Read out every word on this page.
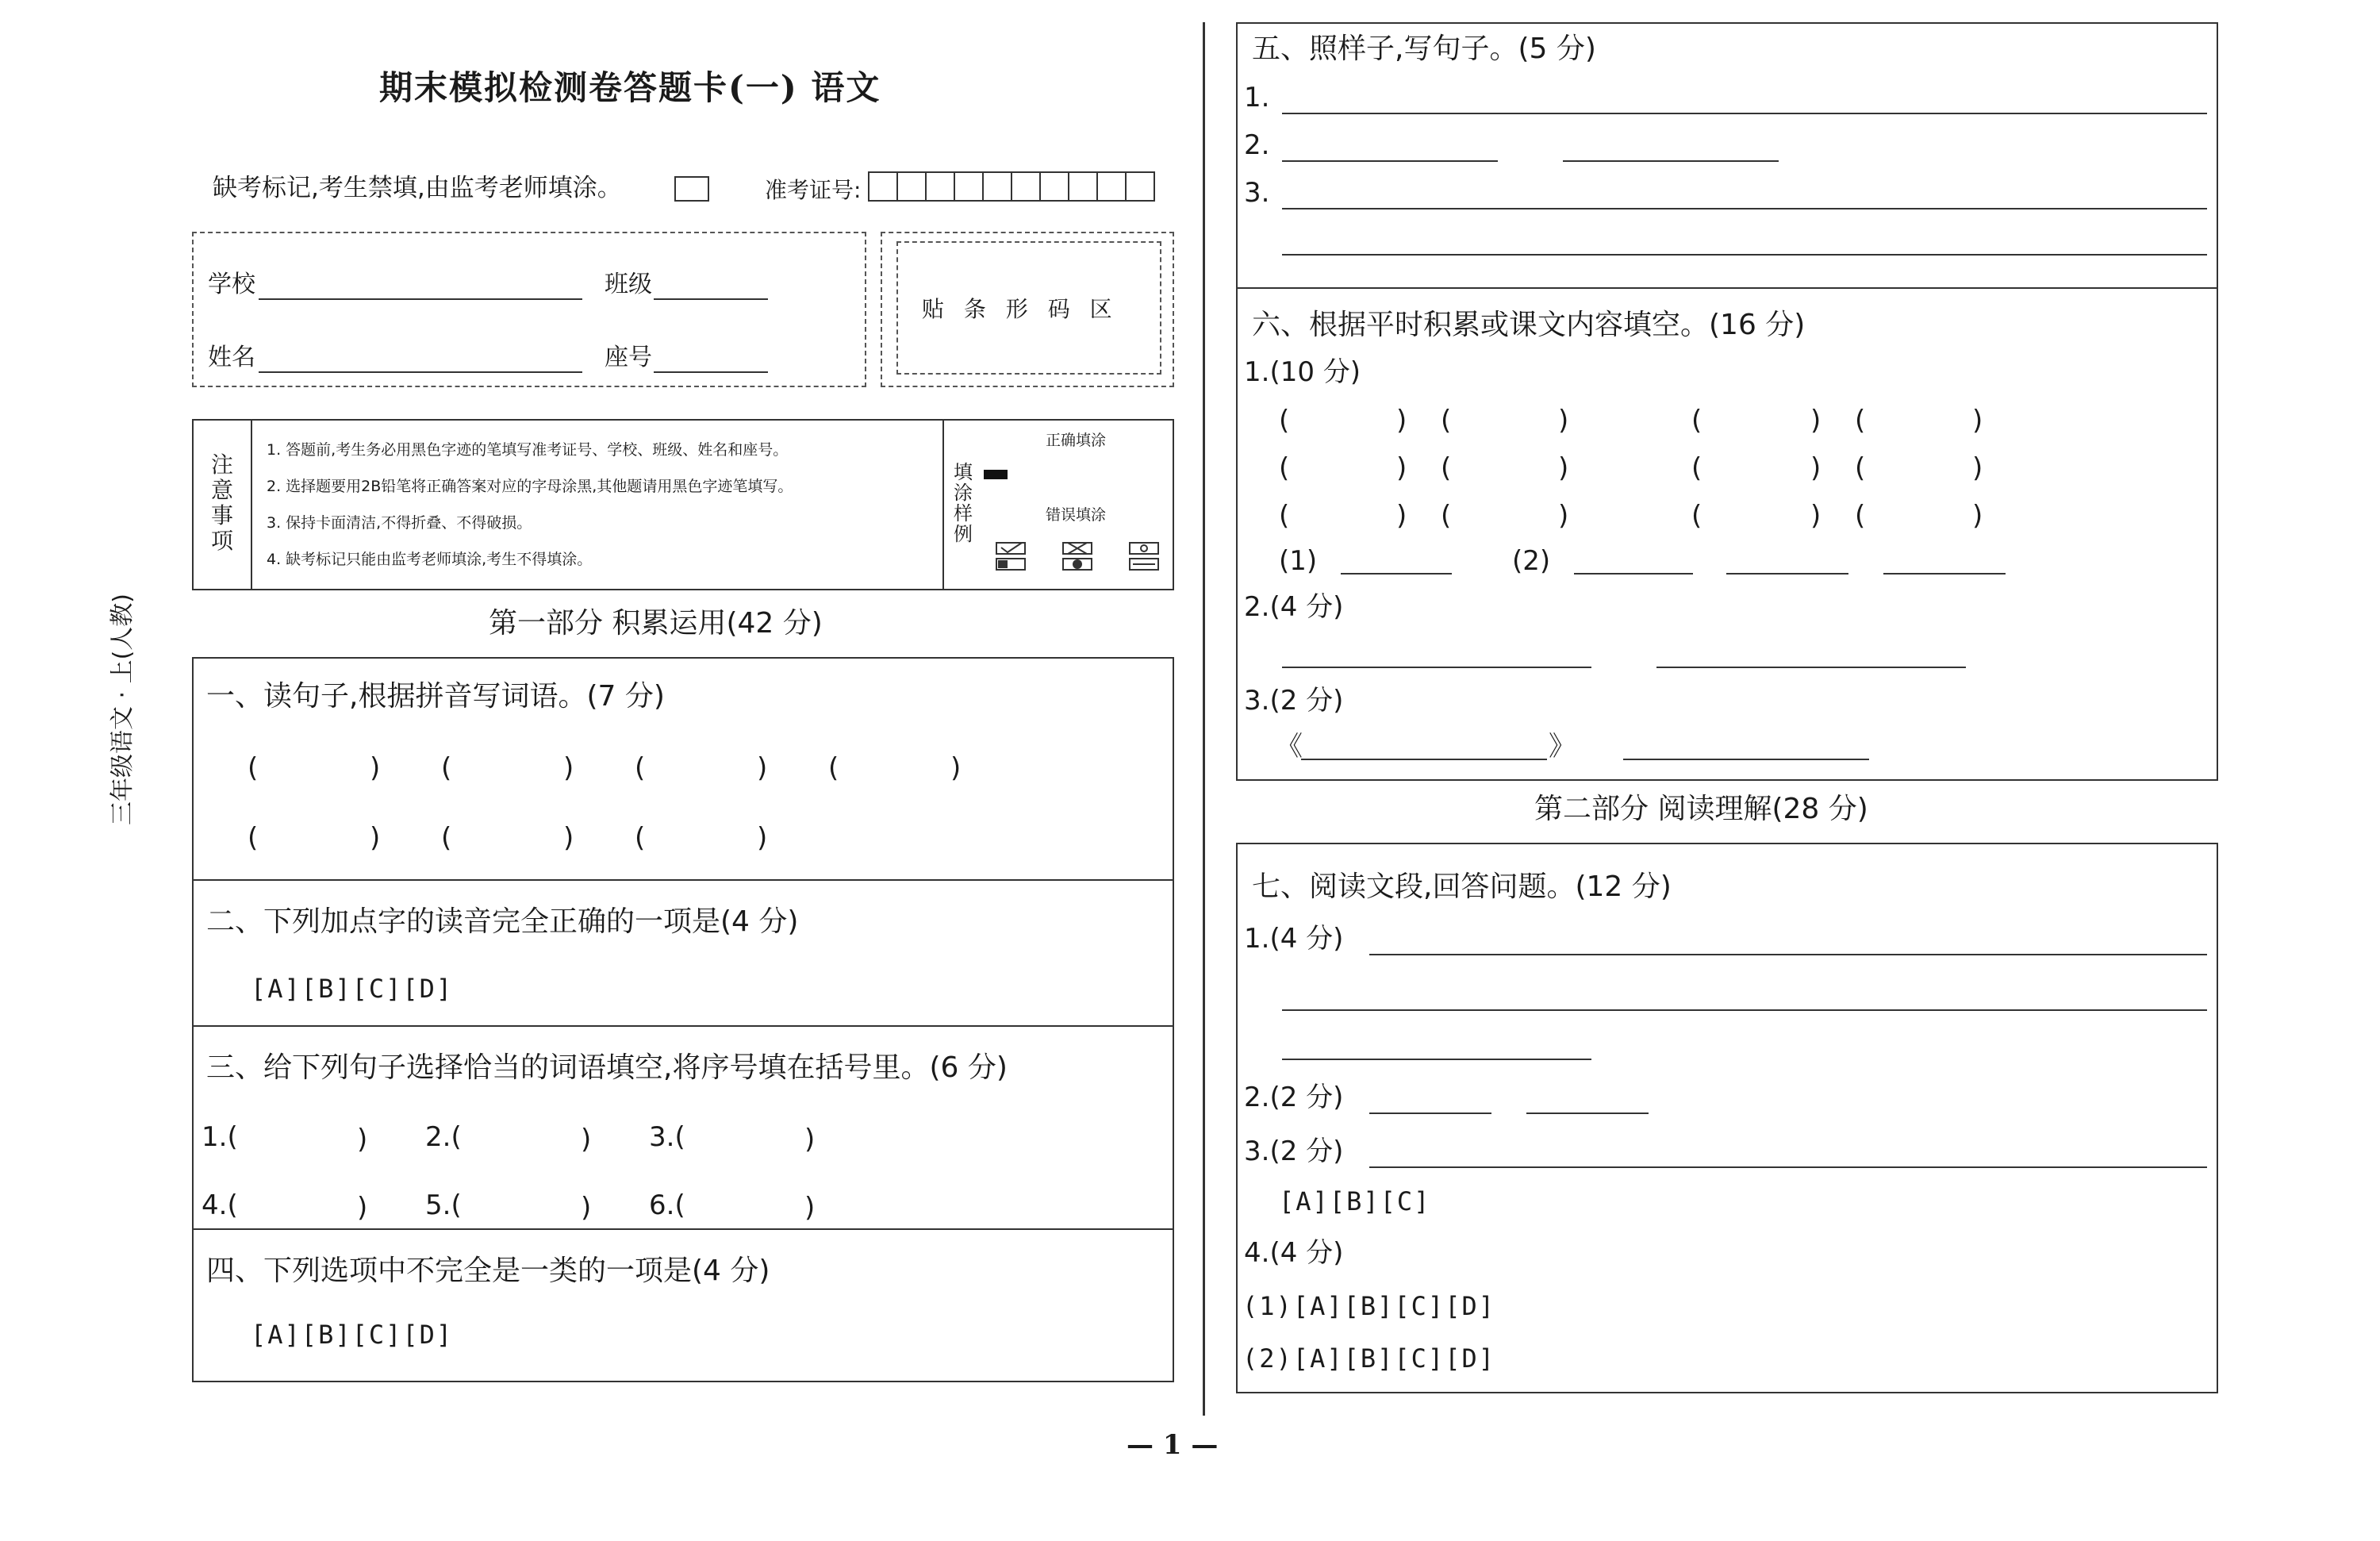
三年级语文 · 上(人教)
期末模拟检测卷答题卡(一) 语文
缺考标记,考生禁填,由监考老师填涂。	准考证号:
学校	班级
姓名	座号
贴 条 形 码 区
注意事项
1. 答题前,考生务必用黑色字迹的笔填写准考证号、学校、班级、姓名和座号。
2. 选择题要用2B铅笔将正确答案对应的字母涂黑,其他题请用黑色字迹笔填写。
3. 保持卡面清洁,不得折叠、不得破损。
4. 缺考标记只能由监考老师填涂,考生不得填涂。
填涂样例
正确填涂
错误填涂
第一部分 积累运用(42 分)
一、读句子,根据拼音写词语。(7 分)
(	) (	) (	) (	)
(	) (	) (	)
二、下列加点字的读音完全正确的一项是(4 分)
[A][B][C][D]
三、给下列句子选择恰当的词语填空,将序号填在括号里。(6 分)
1.(	) 2.(	) 3.(	)
4.(	) 5.(	) 6.(	)
四、下列选项中不完全是一类的一项是(4 分)
[A][B][C][D]
五、照样子,写句子。(5 分)
1.
2.
3.
六、根据平时积累或课文内容填空。(16 分)
1.(10 分)
(	) (	)	(	) (	)
(	) (	)	(	) (	)
(	) (	)	(	) (	)
(1)	(2)
2.(4 分)
3.(2 分)
《	》
第二部分 阅读理解(28 分)
七、阅读文段,回答问题。(12 分)
1.(4 分)
2.(2 分)
3.(2 分)
[A][B][C]
4.(4 分)
(1)[A][B][C][D]
(2)[A][B][C][D]
— 1 —
